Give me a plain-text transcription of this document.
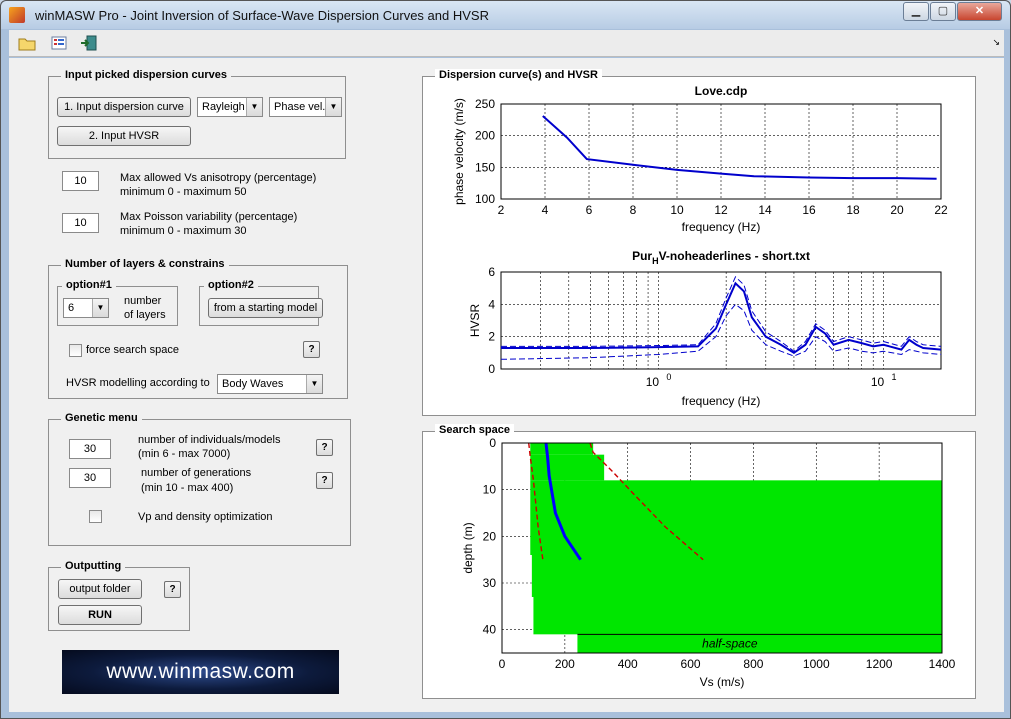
winMASW Pro - Joint Inversion of Surface-Wave Dispersion Curves and HVSR	▁	▢	✕
↘
Input picked dispersion curves
1. Input dispersion curve	Rayleigh ▼	Phase vel. ▼
2. Input HVSR
10	Max allowed Vs anisotropy (percentage)
minimum 0 - maximum 50
10	Max Poisson variability (percentage)
minimum 0 - maximum 30
Number of layers & constrains
option#1
6	▼
number
of layers
option#2
from a starting model
force search space	?
HVSR modelling according to	Body Waves	▼
Genetic menu
30
number of individuals/models
(min 6 - max 7000)
?
30	number of generations
(min 10 - max 400)
?
Vp and density optimization
Outputting
output folder	?
RUN
www.winmasw.com
Dispersion curve(s) and HVSR
2	4	6	8	10	12	14	16	18	20	22
100
150
200
250
Love.cdp
frequency (Hz)
phase velocity (m/s)
0
2
4
6
10 0	10 1
Pur$_H$V-noheaderlines - short.txt
frequency (Hz)
HVSR
Search space
0	200	400	600	800	1000	1200	1400
0
10
20
30
40
half-space
Vs (m/s)
depth (m)
